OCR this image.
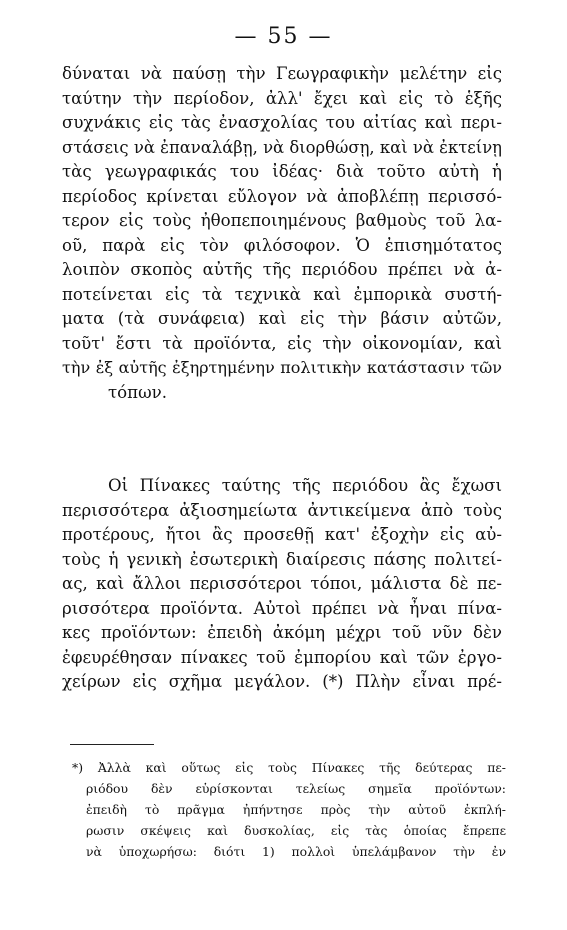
— 55 —
δύναται νὰ παύσῃ τὴν Γεωγραφικὴν μελέτην εἰς
ταύτην τὴν περίοδον, ἀλλ' ἔχει καὶ εἰς τὸ ἑξῆς
συχνάκις εἰς τὰς ἐνασχολίας του αἰτίας καὶ περι-
στάσεις νὰ ἐπαναλάβῃ, νὰ διορθώσῃ, καὶ νὰ ἐκτείνῃ
τὰς γεωγραφικάς του ἰδέας· διὰ τοῦτο αὐτὴ ἡ
περίοδος κρίνεται εὔλογον νὰ ἀποβλέπῃ περισσό-
τερον εἰς τοὺς ἠθοπεποιημένους βαθμοὺς τοῦ λα-
οῦ, παρὰ εἰς τὸν φιλόσοφον. Ὁ ἐπισημότατος
λοιπὸν σκοπὸς αὐτῆς τῆς περιόδου πρέπει νὰ ἀ-
ποτείνεται εἰς τὰ τεχνικὰ καὶ ἐμπορικὰ συστή-
ματα (τὰ συνάφεια) καὶ εἰς τὴν βάσιν αὐτῶν,
τοῦτ' ἔστι τὰ προϊόντα, εἰς τὴν οἰκονομίαν, καὶ
τὴν ἐξ αὐτῆς ἐξηρτημένην πολιτικὴν κατάστασιν τῶν
τόπων.
Οἱ Πίνακες ταύτης τῆς περιόδου ἂς ἔχωσι
περισσότερα ἀξιοσημείωτα ἀντικείμενα ἀπὸ τοὺς
προτέρους, ἤτοι ἂς προσεθῇ κατ' ἐξοχὴν εἰς αὐ-
τοὺς ἡ γενικὴ ἐσωτερικὴ διαίρεσις πάσης πολιτεί-
ας, καὶ ἄλλοι περισσότεροι τόποι, μάλιστα δὲ πε-
ρισσότερα προϊόντα. Αὐτοὶ πρέπει νὰ ἦναι πίνα-
κες προϊόντων: ἐπειδὴ ἀκόμη μέχρι τοῦ νῦν δὲν
ἐφευρέθησαν πίνακες τοῦ ἐμπορίου καὶ τῶν ἐργο-
χείρων εἰς σχῆμα μεγάλον. (*) Πλὴν εἶναι πρέ-
*) Ἀλλὰ καὶ οὕτως εἰς τοὺς Πίνακες τῆς δεύτερας πε-
ριόδου δὲν εὑρίσκονται τελείως σημεῖα προϊόντων:
ἐπειδὴ τὸ πρᾶγμα ἠπήντησε πρὸς τὴν αὐτοῦ ἐκπλή-
ρωσιν σκέψεις καὶ δυσκολίας, εἰς τὰς ὁποίας ἔπρεπε
νὰ ὑποχωρήσω: διότι 1) πολλοὶ ὑπελάμβανον τὴν ἐν
